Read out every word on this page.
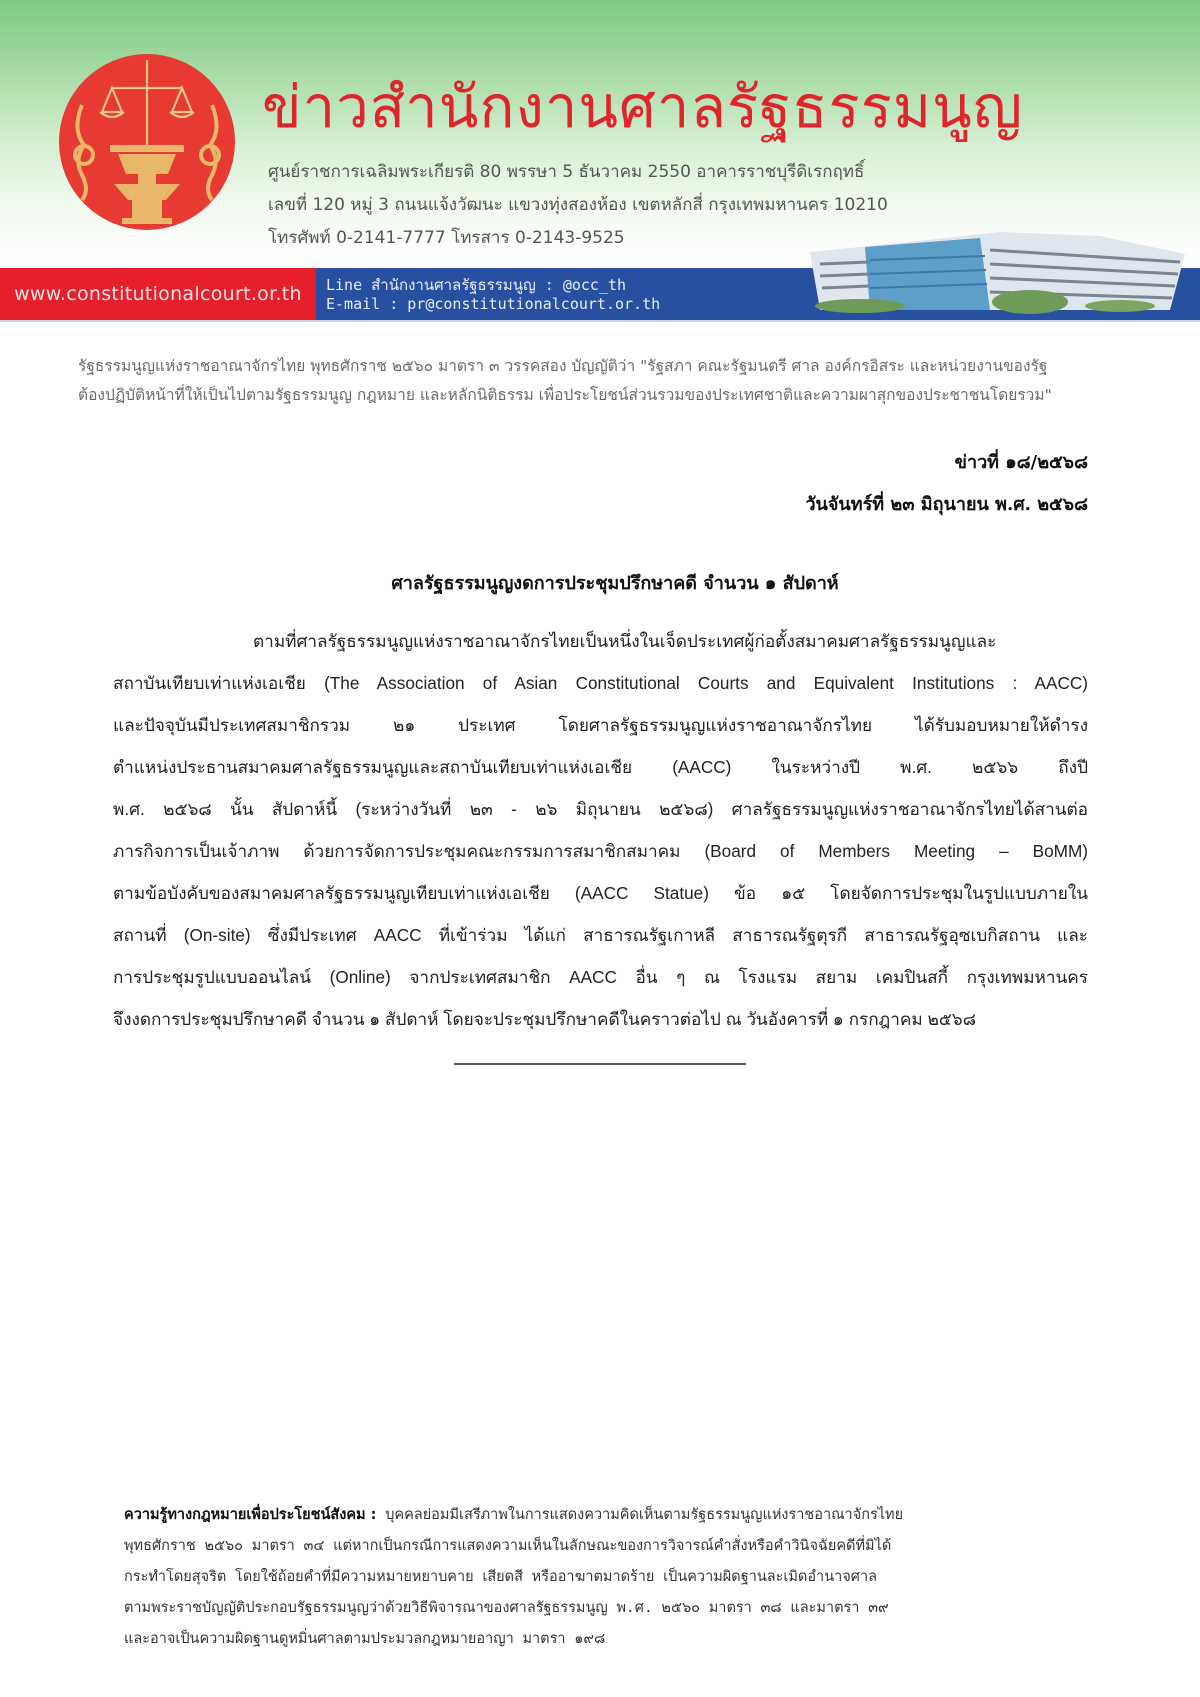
ข่าวสำนักงานศาลรัฐธรรมนูญ
ศูนย์ราชการเฉลิมพระเกียรติ 80 พรรษา 5 ธันวาคม 2550 อาคารราชบุรีดิเรกฤทธิ์
เลขที่ 120 หมู่ 3 ถนนแจ้งวัฒนะ แขวงทุ่งสองห้อง เขตหลักสี่ กรุงเทพมหานคร 10210
โทรศัพท์ 0-2141-7777 โทรสาร 0-2143-9525
www.constitutionalcourt.or.th Line สำนักงานศาลรัฐธรรมนูญ : @occ_th
E-mail : pr@constitutionalcourt.or.th
รัฐธรรมนูญแห่งราชอาณาจักรไทย พุทธศักราช ๒๕๖๐ มาตรา ๓ วรรคสอง บัญญัติว่า "รัฐสภา คณะรัฐมนตรี ศาล องค์กรอิสระ และหน่วยงานของรัฐ
ต้องปฏิบัติหน้าที่ให้เป็นไปตามรัฐธรรมนูญ กฎหมาย และหลักนิติธรรม เพื่อประโยชน์ส่วนรวมของประเทศชาติและความผาสุกของประชาชนโดยรวม"
ข่าวที่ ๑๘/๒๕๖๘
วันจันทร์ที่ ๒๓ มิถุนายน พ.ศ. ๒๕๖๘
ศาลรัฐธรรมนูญงดการประชุมปรึกษาคดี จำนวน ๑ สัปดาห์
ตามที่ศาลรัฐธรรมนูญแห่งราชอาณาจักรไทยเป็นหนึ่งในเจ็ดประเทศผู้ก่อตั้งสมาคมศาลรัฐธรรมนูญและ
สถาบันเทียบเท่าแห่งเอเชีย (The Association of Asian Constitutional Courts and Equivalent Institutions : AACC)
และปัจจุบันมีประเทศสมาชิกรวม ๒๑ ประเทศ โดยศาลรัฐธรรมนูญแห่งราชอาณาจักรไทย ได้รับมอบหมายให้ดำรง
ตำแหน่งประธานสมาคมศาลรัฐธรรมนูญและสถาบันเทียบเท่าแห่งเอเชีย (AACC) ในระหว่างปี พ.ศ. ๒๕๖๖ ถึงปี
พ.ศ. ๒๕๖๘ นั้น สัปดาห์นี้ (ระหว่างวันที่ ๒๓ - ๒๖ มิถุนายน ๒๕๖๘) ศาลรัฐธรรมนูญแห่งราชอาณาจักรไทยได้สานต่อ
ภารกิจการเป็นเจ้าภาพ ด้วยการจัดการประชุมคณะกรรมการสมาชิกสมาคม (Board of Members Meeting – BoMM)
ตามข้อบังคับของสมาคมศาลรัฐธรรมนูญเทียบเท่าแห่งเอเชีย (AACC Statue) ข้อ ๑๕ โดยจัดการประชุมในรูปแบบภายใน
สถานที่ (On-site) ซึ่งมีประเทศ AACC ที่เข้าร่วม ได้แก่ สาธารณรัฐเกาหลี สาธารณรัฐตุรกี สาธารณรัฐอุซเบกิสถาน และ
การประชุมรูปแบบออนไลน์ (Online) จากประเทศสมาชิก AACC อื่น ๆ ณ โรงแรม สยาม เคมปินสกี้ กรุงเทพมหานคร
จึงงดการประชุมปรึกษาคดี จำนวน ๑ สัปดาห์ โดยจะประชุมปรึกษาคดีในคราวต่อไป ณ วันอังคารที่ ๑ กรกฎาคม ๒๕๖๘
ความรู้ทางกฎหมายเพื่อประโยชน์สังคม : บุคคลย่อมมีเสรีภาพในการแสดงความคิดเห็นตามรัฐธรรมนูญแห่งราชอาณาจักรไทย
พุทธศักราช ๒๕๖๐ มาตรา ๓๔ แต่หากเป็นกรณีการแสดงความเห็นในลักษณะของการวิจารณ์คำสั่งหรือคำวินิจฉัยคดีที่มิได้
กระทำโดยสุจริต โดยใช้ถ้อยคำที่มีความหมายหยาบคาย เสียดสี หรืออาฆาตมาดร้าย เป็นความผิดฐานละเมิดอำนาจศาล
ตามพระราชบัญญัติประกอบรัฐธรรมนูญว่าด้วยวิธีพิจารณาของศาลรัฐธรรมนูญ พ.ศ. ๒๕๖๐ มาตรา ๓๘ และมาตรา ๓๙
และอาจเป็นความผิดฐานดูหมิ่นศาลตามประมวลกฎหมายอาญา มาตรา ๑๙๘
